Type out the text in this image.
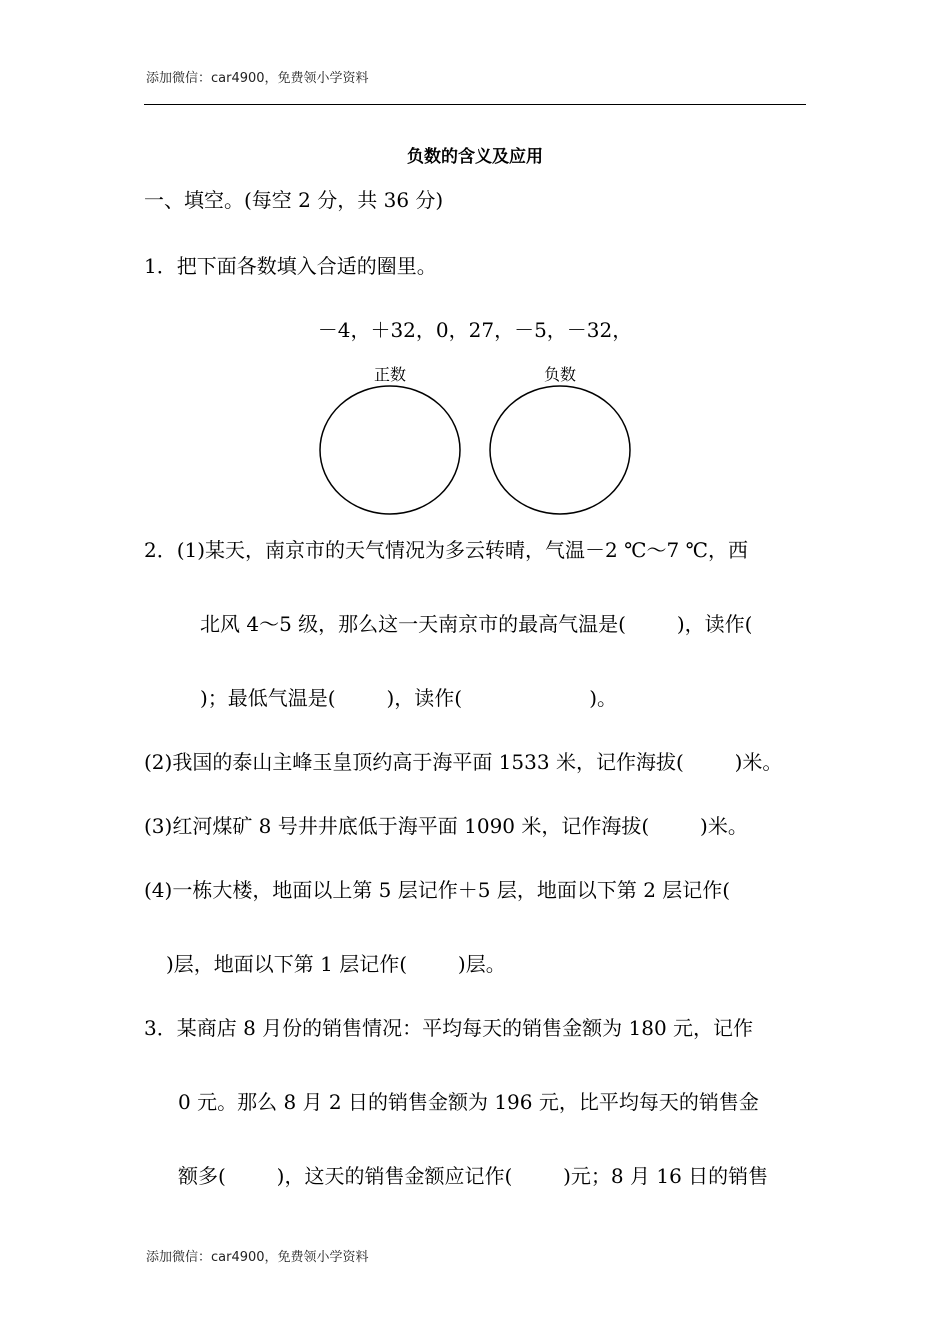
添加微信：car4900，免费领小学资料
负数的含义及应用
一、填空。(每空 2 分，共 36 分)
1．把下面各数填入合适的圈里。
－4，＋32，0，27，－5，－32，
正数	负数
2．(1)某天，南京市的天气情况为多云转晴，气温－2 ℃～7 ℃，西
北风 4～5 级，那么这一天南京市的最高气温是(        )，读作(
)；最低气温是(        )，读作(                    )。
(2)我国的泰山主峰玉皇顶约高于海平面 1533 米，记作海拔(        )米。
(3)红河煤矿 8 号井井底低于海平面 1090 米，记作海拔(        )米。
(4)一栋大楼，地面以上第 5 层记作＋5 层，地面以下第 2 层记作(
)层，地面以下第 1 层记作(        )层。
3．某商店 8 月份的销售情况：平均每天的销售金额为 180 元，记作
0 元。那么 8 月 2 日的销售金额为 196 元，比平均每天的销售金
额多(        )，这天的销售金额应记作(        )元；8 月 16 日的销售
添加微信：car4900，免费领小学资料
